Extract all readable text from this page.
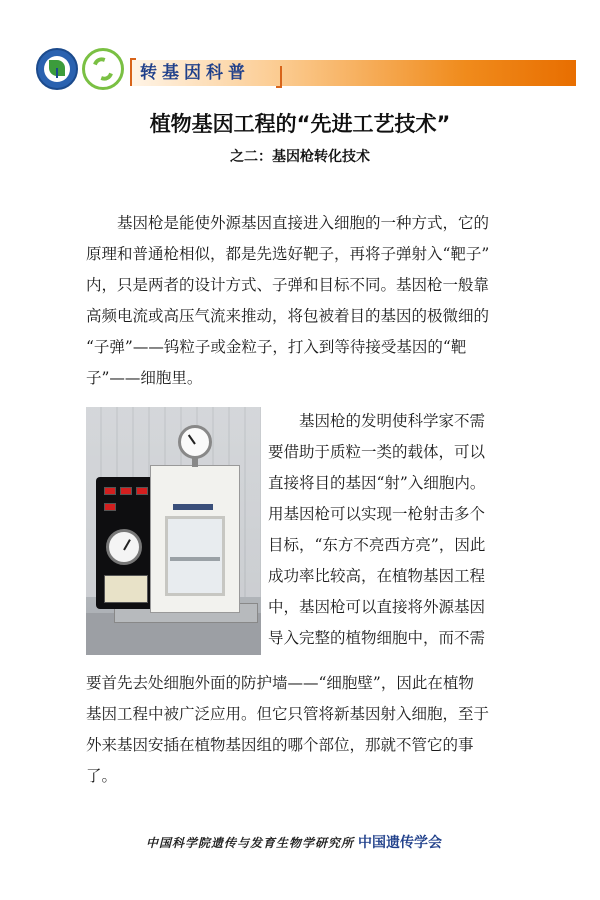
转基因科普
植物基因工程的“先进工艺技术”
之二：基因枪转化技术
基因枪是能使外源基因直接进入细胞的一种方式，它的
原理和普通枪相似，都是先选好靶子，再将子弹射入“靶子”
内，只是两者的设计方式、子弹和目标不同。基因枪一般靠
高频电流或高压气流来推动，将包被着目的基因的极微细的
“子弹”——钨粒子或金粒子，打入到等待接受基因的“靶
子”——细胞里。
基因枪的发明使科学家不需
要借助于质粒一类的载体，可以
直接将目的基因“射”入细胞内。
用基因枪可以实现一枪射击多个
目标，“东方不亮西方亮”，因此
成功率比较高，在植物基因工程
中，基因枪可以直接将外源基因
导入完整的植物细胞中，而不需
要首先去处细胞外面的防护墙——“细胞壁”，因此在植物
基因工程中被广泛应用。但它只管将新基因射入细胞，至于
外来基因安插在植物基因组的哪个部位，那就不管它的事
了。
中国科学院遗传与发育生物学研究所 中国遗传学会
